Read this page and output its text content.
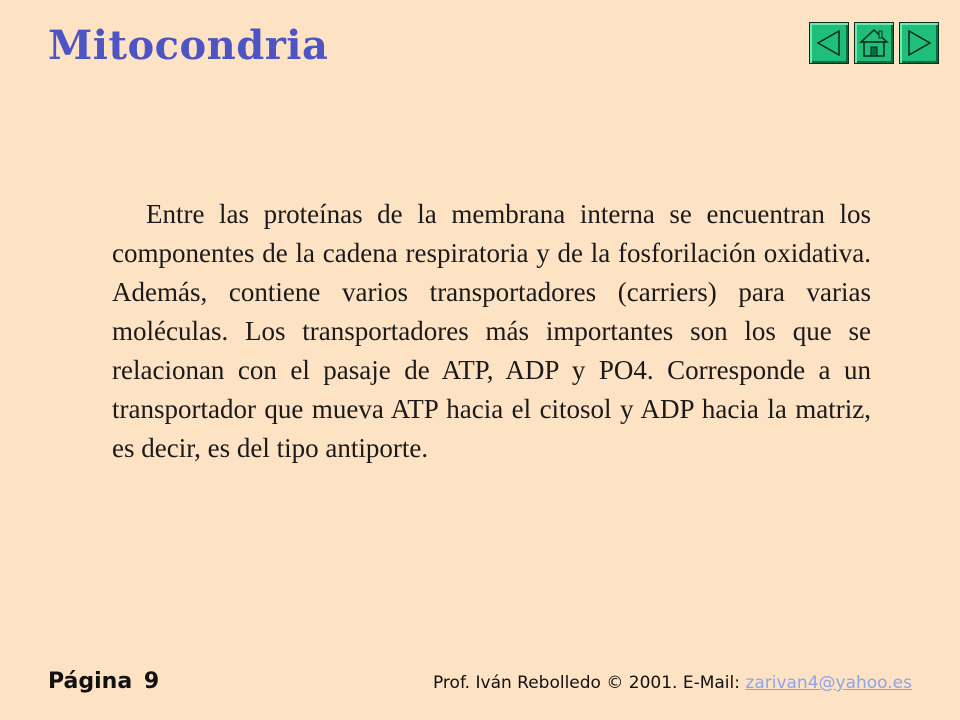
Mitocondria

Entre las proteínas de la membrana interna se encuentran los componentes de la cadena respiratoria y de la fosforilación oxidativa. Además, contiene varios transportadores (carriers) para varias moléculas. Los transportadores más importantes son los que se relacionan con el pasaje de ATP, ADP y PO4. Corresponde a un transportador que mueva ATP hacia el citosol y ADP hacia la matriz, es decir, es del tipo antiporte.

Página 9	Prof. Iván Rebolledo © 2001. E-Mail: zarivan4@yahoo.es
